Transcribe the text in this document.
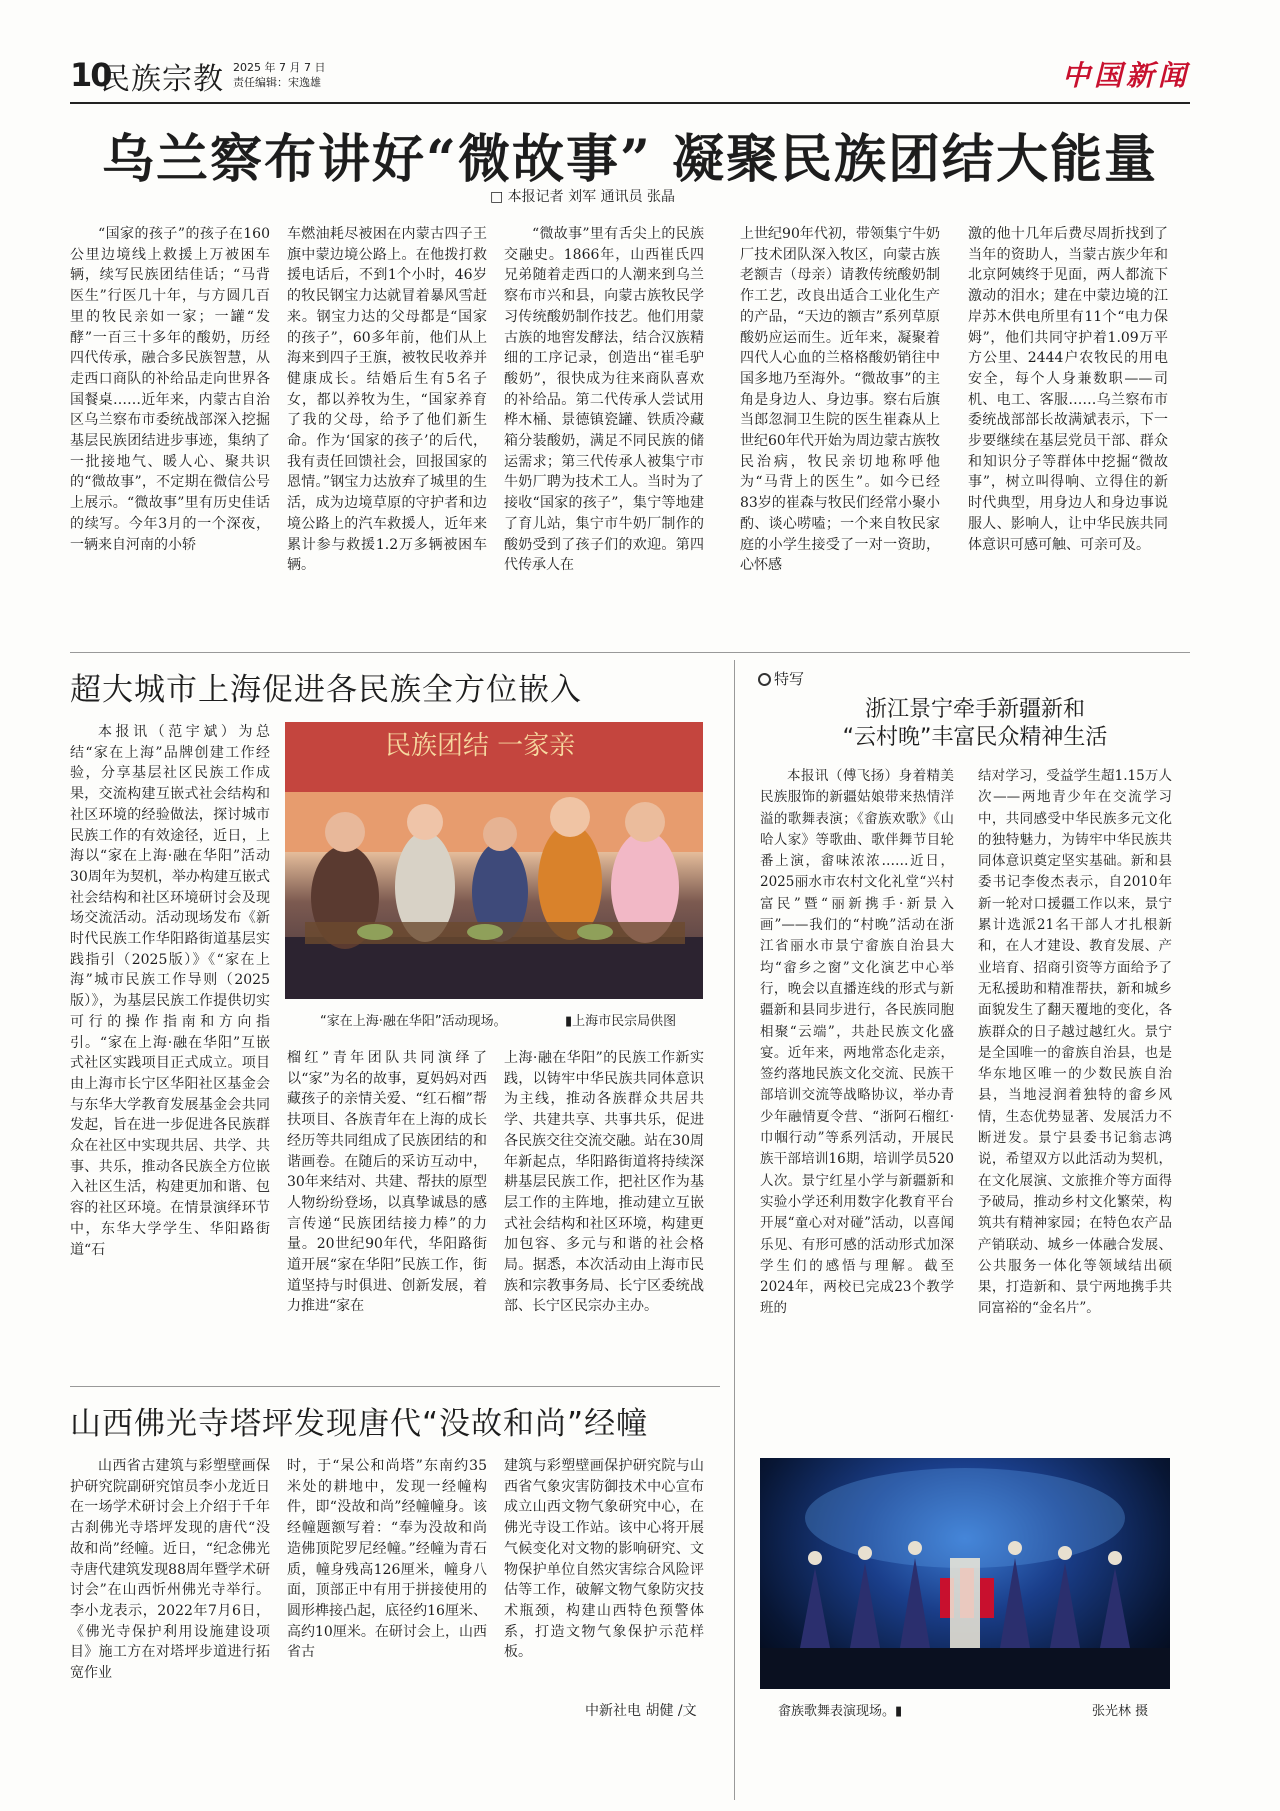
10
民族宗教 2025 年 7 月 7 日
责任编辑：宋逸雄	中国新闻
乌兰察布讲好“微故事” 凝聚民族团结大能量
□ 本报记者 刘军 通讯员 张晶
“国家的孩子”的孩子在160公里边境线上救援上万被困车辆，续写民族团结佳话；“马背医生”行医几十年，与方圆几百里的牧民亲如一家；一罐“发酵”一百三十多年的酸奶，历经四代传承，融合多民族智慧，从走西口商队的补给品走向世界各国餐桌……近年来，内蒙古自治区乌兰察布市委统战部深入挖掘基层民族团结进步事迹，集纳了一批接地气、暖人心、聚共识的“微故事”，不定期在微信公号上展示。“微故事”里有历史佳话的续写。今年3月的一个深夜，一辆来自河南的小轿
车燃油耗尽被困在内蒙古四子王旗中蒙边境公路上。在他拨打救援电话后，不到1个小时，46岁的牧民钢宝力达就冒着暴风雪赶来。钢宝力达的父母都是“国家的孩子”，60多年前，他们从上海来到四子王旗，被牧民收养并健康成长。结婚后生有5名子女，都以养牧为生，“国家养育了我的父母，给予了他们新生命。作为‘国家的孩子’的后代，我有责任回馈社会，回报国家的恩情。”钢宝力达放弃了城里的生活，成为边境草原的守护者和边境公路上的汽车救援人，近年来累计参与救援1.2万多辆被困车辆。
“微故事”里有舌尖上的民族交融史。1866年，山西崔氏四兄弟随着走西口的人潮来到乌兰察布市兴和县，向蒙古族牧民学习传统酸奶制作技艺。他们用蒙古族的地窖发酵法，结合汉族精细的工序记录，创造出“崔毛驴酸奶”，很快成为往来商队喜欢的补给品。第二代传承人尝试用桦木桶、景德镇瓷罐、铁质冷藏箱分装酸奶，满足不同民族的储运需求；第三代传承人被集宁市牛奶厂聘为技术工人。当时为了接收“国家的孩子”，集宁等地建了育儿站，集宁市牛奶厂制作的酸奶受到了孩子们的欢迎。第四代传承人在
上世纪90年代初，带领集宁牛奶厂技术团队深入牧区，向蒙古族老额吉（母亲）请教传统酸奶制作工艺，改良出适合工业化生产的产品，“天边的额吉”系列草原酸奶应运而生。近年来，凝聚着四代人心血的兰格格酸奶销往中国多地乃至海外。“微故事”的主角是身边人、身边事。察右后旗当郎忽洞卫生院的医生崔森从上世纪60年代开始为周边蒙古族牧民治病，牧民亲切地称呼他为“马背上的医生”。如今已经83岁的崔森与牧民们经常小聚小酌、谈心唠嗑；一个来自牧民家庭的小学生接受了一对一资助，心怀感
激的他十几年后费尽周折找到了当年的资助人，当蒙古族少年和北京阿姨终于见面，两人都流下激动的泪水；建在中蒙边境的江岸苏木供电所里有11个“电力保姆”，他们共同守护着1.09万平方公里、2444户农牧民的用电安全，每个人身兼数职——司机、电工、客服……乌兰察布市委统战部部长故满斌表示，下一步要继续在基层党员干部、群众和知识分子等群体中挖掘“微故事”，树立叫得响、立得住的新时代典型，用身边人和身边事说服人、影响人，让中华民族共同体意识可感可触、可亲可及。
超大城市上海促进各民族全方位嵌入
本报讯（范宇斌）为总结“家在上海”品牌创建工作经验，分享基层社区民族工作成果，交流构建互嵌式社会结构和社区环境的经验做法，探讨城市民族工作的有效途径，近日，上海以“家在上海·融在华阳”活动30周年为契机，举办构建互嵌式社会结构和社区环境研讨会及现场交流活动。活动现场发布《新时代民族工作华阳路街道基层实践指引（2025版）》《“家在上海”城市民族工作导则（2025版）》，为基层民族工作提供切实可行的操作指南和方向指引。“家在上海·融在华阳”互嵌式社区实践项目正式成立。项目由上海市长宁区华阳社区基金会与东华大学教育发展基金会共同发起，旨在进一步促进各民族群众在社区中实现共居、共学、共事、共乐，推动各民族全方位嵌入社区生活，构建更加和谐、包容的社区环境。在情景演绎环节中，东华大学学生、华阳路街道“石
民族团结 一家亲
“家在上海·融在华阳”活动现场。	▮上海市民宗局供图
榴红”青年团队共同演绎了以“家”为名的故事，夏妈妈对西藏孩子的亲情关爱、“红石榴”帮扶项目、各族青年在上海的成长经历等共同组成了民族团结的和谐画卷。在随后的采访互动中，30年来结对、共建、帮扶的原型人物纷纷登场，以真挚诚恳的感言传递“民族团结接力棒”的力量。20世纪90年代，华阳路街道开展“家在华阳”民族工作，街道坚持与时俱进、创新发展，着力推进“家在
上海·融在华阳”的民族工作新实践，以铸牢中华民族共同体意识为主线，推动各族群众共居共学、共建共享、共事共乐，促进各民族交往交流交融。站在30周年新起点，华阳路街道将持续深耕基层民族工作，把社区作为基层工作的主阵地，推动建立互嵌式社会结构和社区环境，构建更加包容、多元与和谐的社会格局。据悉，本次活动由上海市民族和宗教事务局、长宁区委统战部、长宁区民宗办主办。
特写
浙江景宁牵手新疆新和
“云村晚”丰富民众精神生活
本报讯（傅飞扬）身着精美民族服饰的新疆姑娘带来热情洋溢的歌舞表演；《畲族欢歌》《山哈人家》等歌曲、歌伴舞节目轮番上演，畲味浓浓……近日，2025丽水市农村文化礼堂“兴村富民”暨“丽新携手·新景入画”——我们的“村晚”活动在浙江省丽水市景宁畲族自治县大均“畲乡之窗”文化演艺中心举行，晚会以直播连线的形式与新疆新和县同步进行，各民族同胞相聚“云端”，共赴民族文化盛宴。近年来，两地常态化走亲，签约落地民族文化交流、民族干部培训交流等战略协议，举办青少年融情夏令营、“浙阿石榴红·巾帼行动”等系列活动，开展民族干部培训16期，培训学员520人次。景宁红星小学与新疆新和实验小学还利用数字化教育平台开展“童心对对碰”活动，以喜闻乐见、有形可感的活动形式加深学生们的感悟与理解。截至2024年，两校已完成23个教学班的
结对学习，受益学生超1.15万人次——两地青少年在交流学习中，共同感受中华民族多元文化的独特魅力，为铸牢中华民族共同体意识奠定坚实基础。新和县委书记李俊杰表示，自2010年新一轮对口援疆工作以来，景宁累计选派21名干部人才扎根新和，在人才建设、教育发展、产业培育、招商引资等方面给予了无私援助和精准帮扶，新和城乡面貌发生了翻天覆地的变化，各族群众的日子越过越红火。景宁是全国唯一的畲族自治县，也是华东地区唯一的少数民族自治县，当地浸润着独特的畲乡风情，生态优势显著、发展活力不断迸发。景宁县委书记翁志鸿说，希望双方以此活动为契机，在文化展演、文旅推介等方面得予破局，推动乡村文化繁荣，构筑共有精神家园；在特色农产品产销联动、城乡一体融合发展、公共服务一体化等领域结出硕果，打造新和、景宁两地携手共同富裕的“金名片”。
畲族歌舞表演现场。▮	张光林 摄
山西佛光寺塔坪发现唐代“没故和尚”经幢
山西省古建筑与彩塑壁画保护研究院副研究馆员李小龙近日在一场学术研讨会上介绍于千年古刹佛光寺塔坪发现的唐代“没故和尚”经幢。近日，“纪念佛光寺唐代建筑发现88周年暨学术研讨会”在山西忻州佛光寺举行。李小龙表示，2022年7月6日，《佛光寺保护利用设施建设项目》施工方在对塔坪步道进行拓宽作业
时，于“杲公和尚塔”东南约35米处的耕地中，发现一经幢构件，即“没故和尚”经幢幢身。该经幢题额写着：“奉为没故和尚造佛顶陀罗尼经幢。”经幢为青石质，幢身残高126厘米，幢身八面，顶部正中有用于拼接使用的圆形榫接凸起，底径约16厘米、高约10厘米。在研讨会上，山西省古
建筑与彩塑壁画保护研究院与山西省气象灾害防御技术中心宣布成立山西文物气象研究中心，在佛光寺设工作站。该中心将开展气候变化对文物的影响研究、文物保护单位自然灾害综合风险评估等工作，破解文物气象防灾技术瓶颈，构建山西特色预警体系，打造文物气象保护示范样板。
中新社电 胡健 /文
